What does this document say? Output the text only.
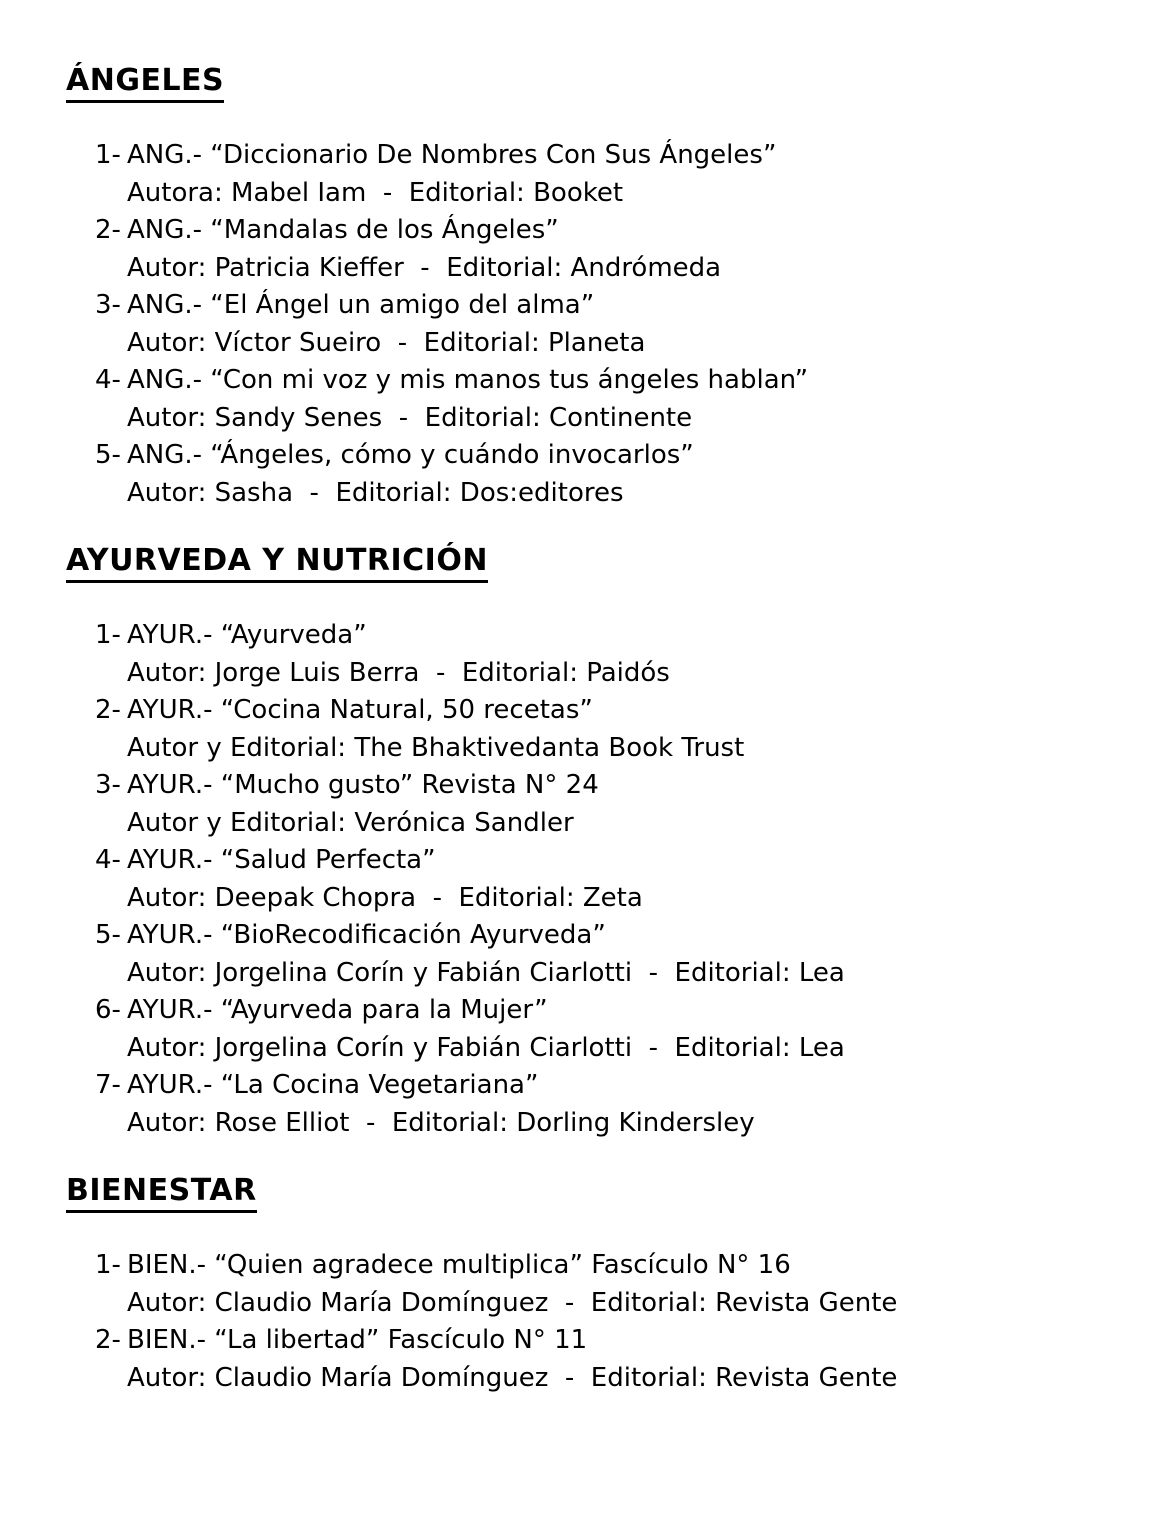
ÁNGELES
1- ANG.- “Diccionario De Nombres Con Sus Ángeles”
Autora: Mabel Iam  -  Editorial: Booket
2- ANG.- “Mandalas de los Ángeles”
Autor: Patricia Kieffer  -  Editorial: Andrómeda
3- ANG.- “El Ángel un amigo del alma”
Autor: Víctor Sueiro  -  Editorial: Planeta
4- ANG.- “Con mi voz y mis manos tus ángeles hablan”
Autor: Sandy Senes  -  Editorial: Continente
5- ANG.- “Ángeles, cómo y cuándo invocarlos”
Autor: Sasha  -  Editorial: Dos:editores
AYURVEDA Y NUTRICIÓN
1- AYUR.- “Ayurveda”
Autor: Jorge Luis Berra  -  Editorial: Paidós
2- AYUR.- “Cocina Natural, 50 recetas”
Autor y Editorial: The Bhaktivedanta Book Trust
3- AYUR.- “Mucho gusto” Revista N° 24
Autor y Editorial: Verónica Sandler
4- AYUR.- “Salud Perfecta”
Autor: Deepak Chopra  -  Editorial: Zeta
5- AYUR.- “BioRecodificación Ayurveda”
Autor: Jorgelina Corín y Fabián Ciarlotti  -  Editorial: Lea
6- AYUR.- “Ayurveda para la Mujer”
Autor: Jorgelina Corín y Fabián Ciarlotti  -  Editorial: Lea
7- AYUR.- “La Cocina Vegetariana”
Autor: Rose Elliot  -  Editorial: Dorling Kindersley
BIENESTAR
1- BIEN.- “Quien agradece multiplica” Fascículo N° 16
Autor: Claudio María Domínguez  -  Editorial: Revista Gente
2- BIEN.- “La libertad” Fascículo N° 11
Autor: Claudio María Domínguez  -  Editorial: Revista Gente
